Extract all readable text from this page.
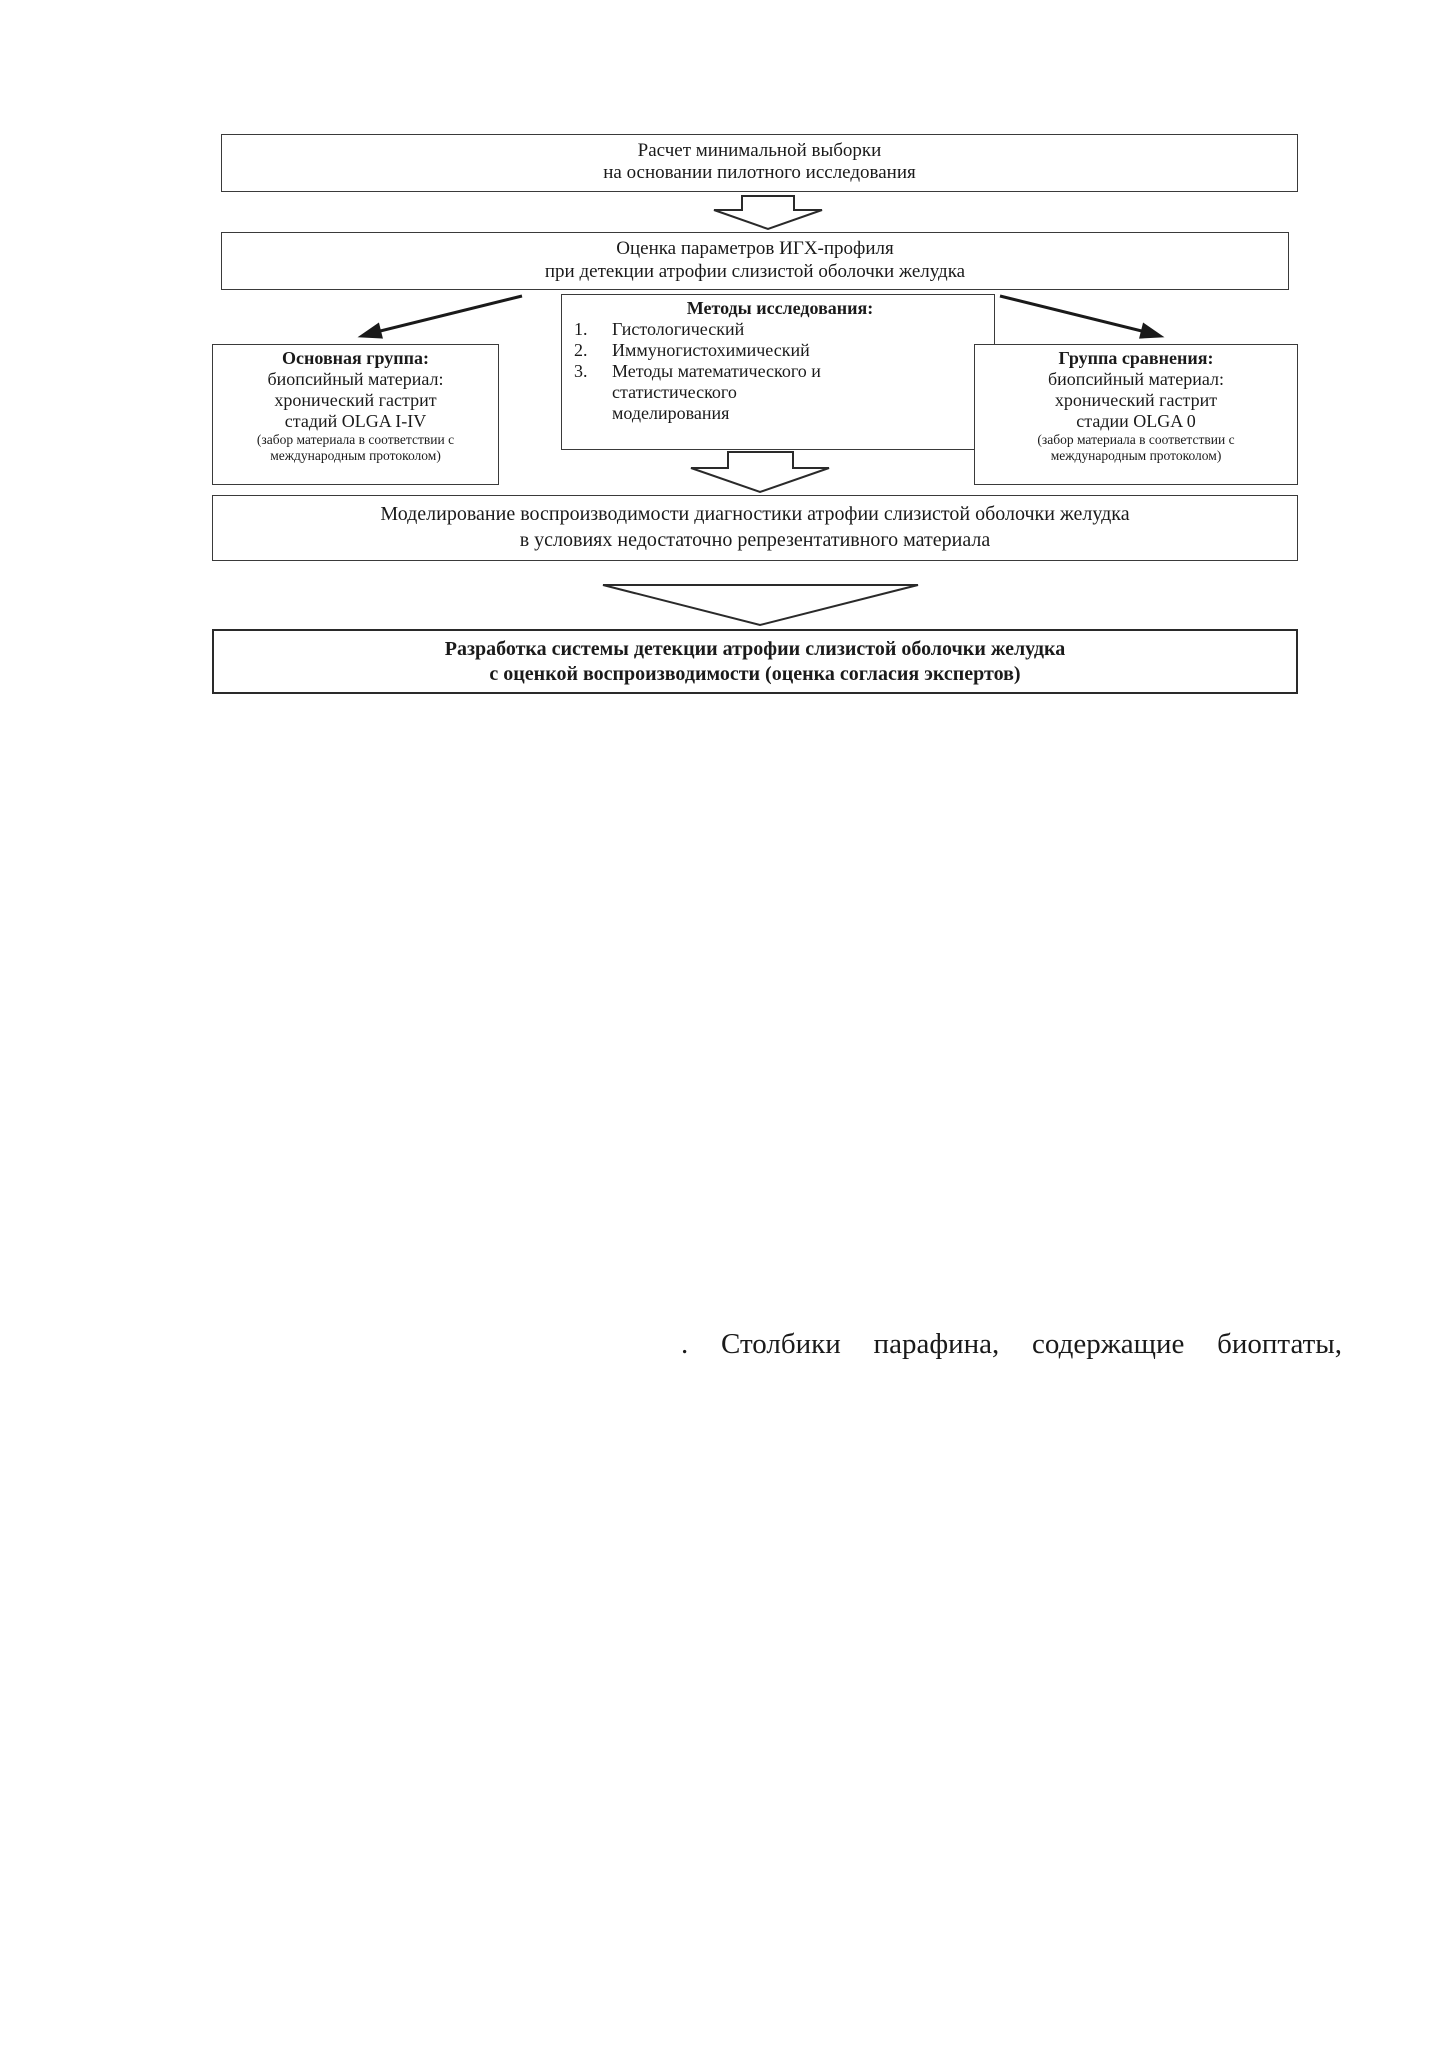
Расчет минимальной выборки
на основании пилотного исследования
Оценка параметров ИГХ-профиля
при детекции атрофии слизистой оболочки желудка
Основная группа:
биопсийный материал:
хронический гастрит
стадий OLGA I-IV
(забор материала в соответствии с
международным протоколом)
Методы исследования:
1.	Гистологический
2.	Иммуногистохимический
3.	Методы математического и
статистического
моделирования
Группа сравнения:
биопсийный материал:
хронический гастрит
стадии OLGA 0
(забор материала в соответствии с
международным протоколом)
Моделирование воспроизводимости диагностики атрофии слизистой оболочки желудка
в условиях недостаточно репрезентативного материала
Разработка системы детекции атрофии слизистой оболочки желудка
с оценкой воспроизводимости (оценка согласия экспертов)
. Столбики парафина, содержащие биоптаты,
